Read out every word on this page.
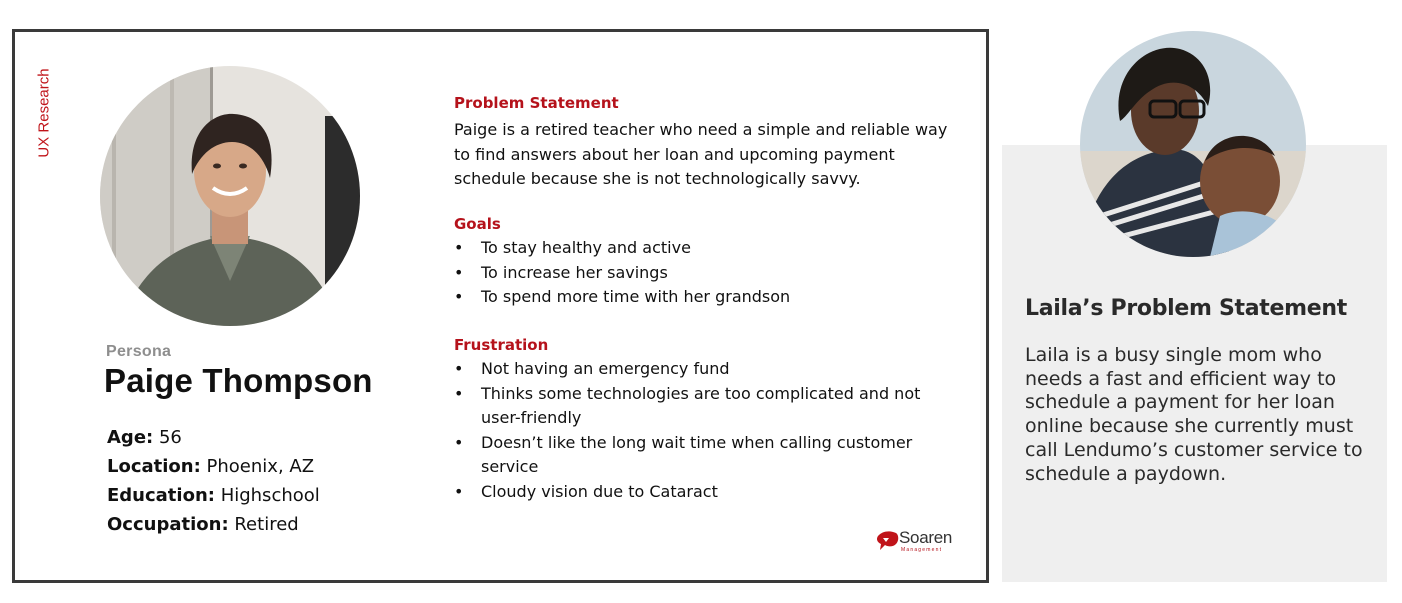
UX Research
Persona
Paige Thompson
Age: 56
Location: Phoenix, AZ
Education: Highschool
Occupation: Retired
Problem Statement

Paige is a retired teacher who need a simple and reliable way to find answers about her loan and upcoming payment schedule because she is not technologically savvy.

Goals
• To stay healthy and active
• To increase her savings
• To spend more time with her grandson
Frustration
• Not having an emergency fund
• Thinks some technologies are too complicated and not user-friendly
• Doesn’t like the long wait time when calling customer service
• Cloudy vision due to Cataract
Soaren
Management
Laila’s Problem Statement

Laila is a busy single mom who needs a fast and efficient way to schedule a payment for her loan online because she currently must call Lendumo’s customer service to schedule a paydown.
